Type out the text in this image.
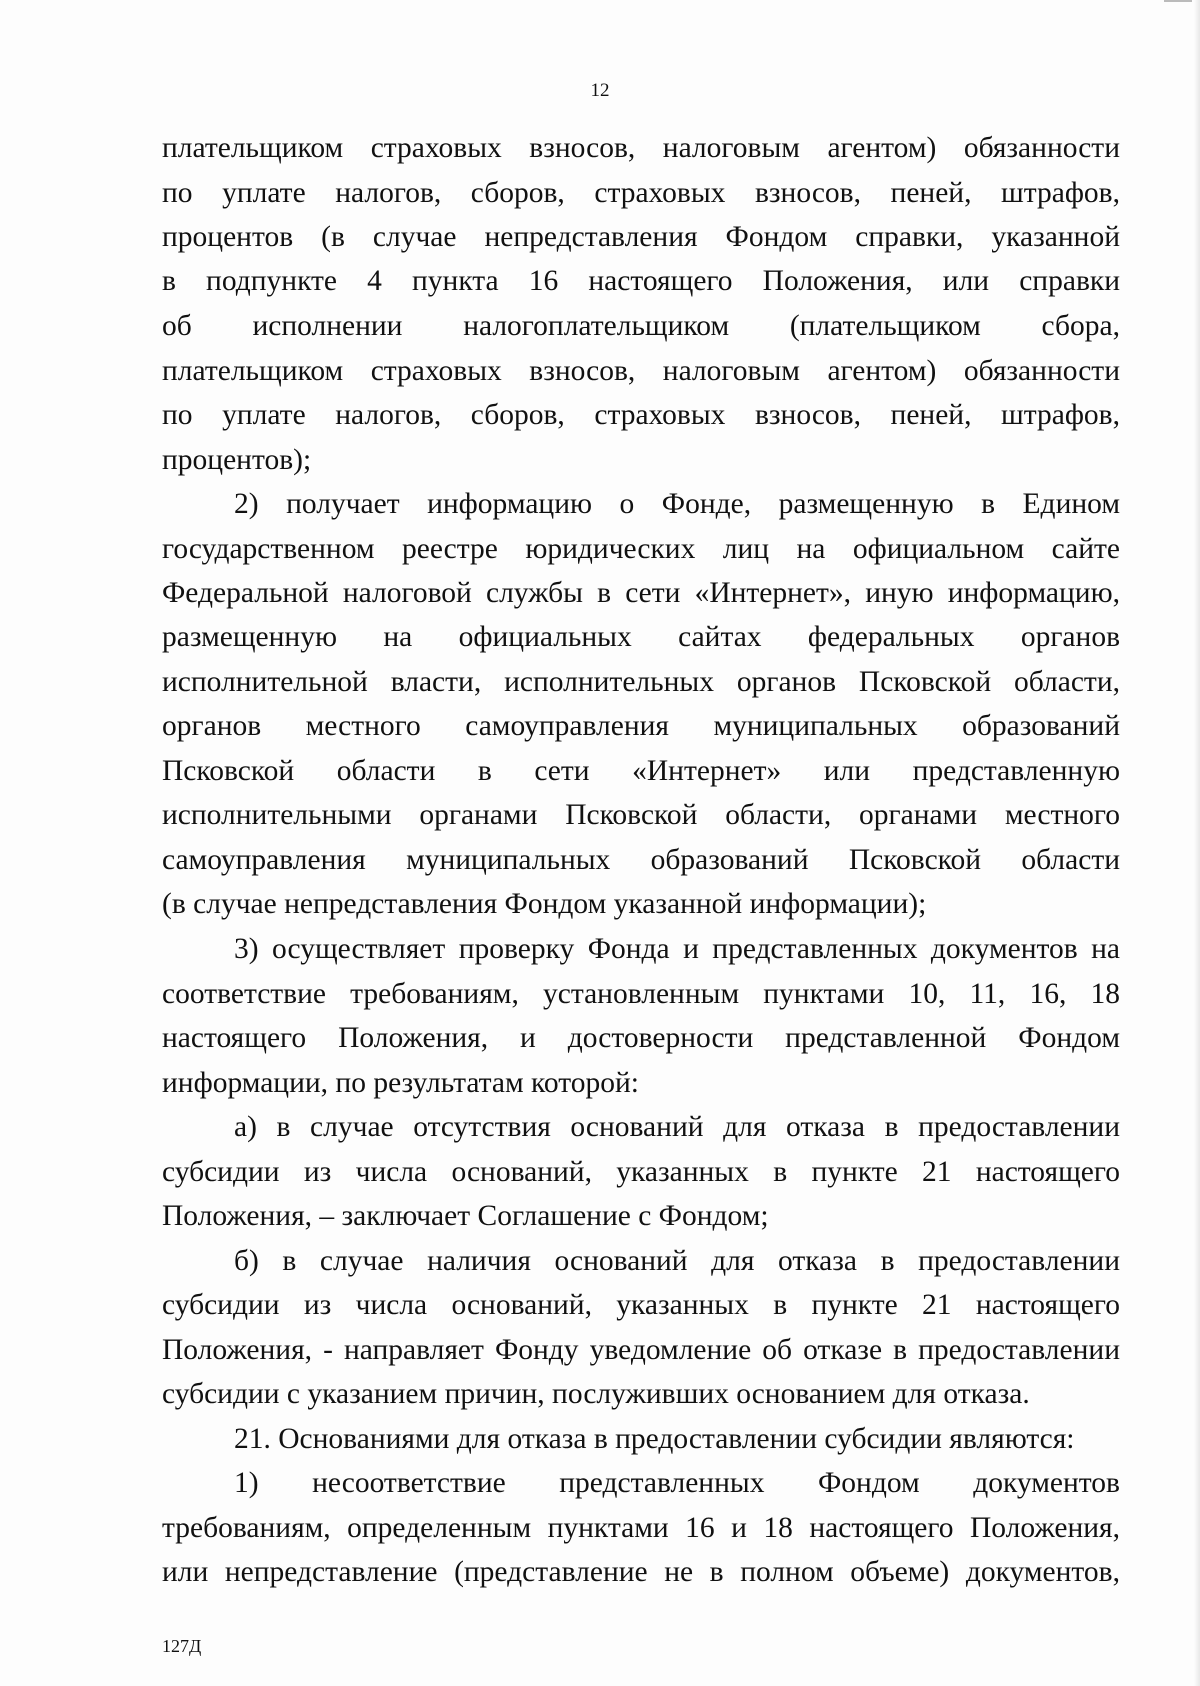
12
плательщиком страховых взносов, налоговым агентом) обязанности
по уплате налогов, сборов, страховых взносов, пеней, штрафов,
процентов (в случае непредставления Фондом справки, указанной
в подпункте 4 пункта 16 настоящего Положения, или справки
об исполнении налогоплательщиком (плательщиком сбора,
плательщиком страховых взносов, налоговым агентом) обязанности
по уплате налогов, сборов, страховых взносов, пеней, штрафов,
процентов);
2) получает информацию о Фонде, размещенную в Едином
государственном реестре юридических лиц на официальном сайте
Федеральной налоговой службы в сети «Интернет», иную информацию,
размещенную на официальных сайтах федеральных органов
исполнительной власти, исполнительных органов Псковской области,
органов местного самоуправления муниципальных образований
Псковской области в сети «Интернет» или представленную
исполнительными органами Псковской области, органами местного
самоуправления муниципальных образований Псковской области
(в случае непредставления Фондом указанной информации);
3) осуществляет проверку Фонда и представленных документов на
соответствие требованиям, установленным пунктами 10, 11, 16, 18
настоящего Положения, и достоверности представленной Фондом
информации, по результатам которой:
а) в случае отсутствия оснований для отказа в предоставлении
субсидии из числа оснований, указанных в пункте 21 настоящего
Положения, – заключает Соглашение с Фондом;
б) в случае наличия оснований для отказа в предоставлении
субсидии из числа оснований, указанных в пункте 21 настоящего
Положения, - направляет Фонду уведомление об отказе в предоставлении
субсидии с указанием причин, послуживших основанием для отказа.
21. Основаниями для отказа в предоставлении субсидии являются:
1) несоответствие представленных Фондом документов
требованиям, определенным пунктами 16 и 18 настоящего Положения,
или непредставление (представление не в полном объеме) документов,
127Д
